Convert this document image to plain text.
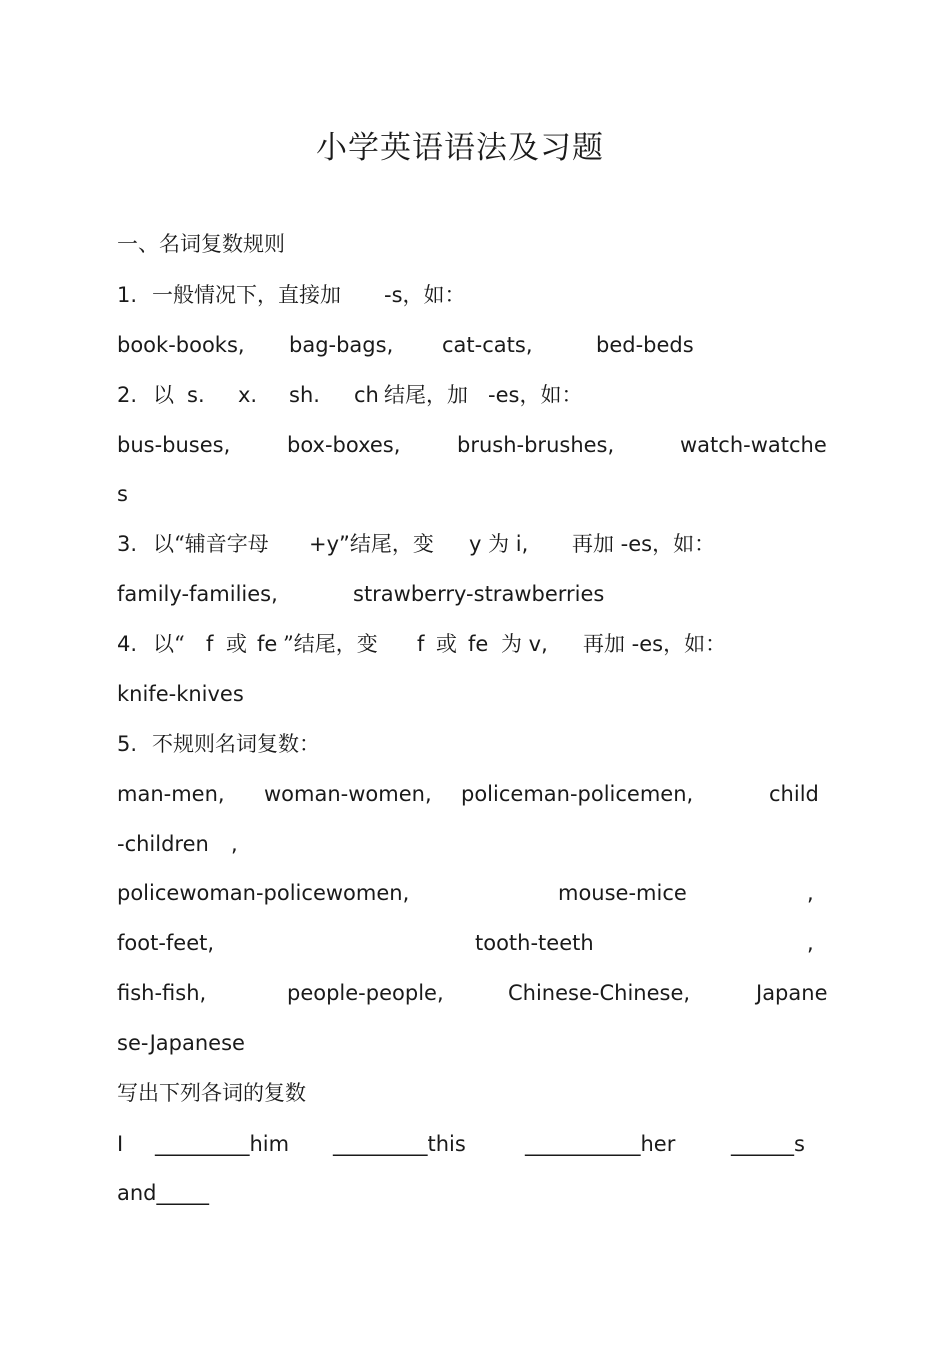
小学英语语法及习题
一、名词复数规则
1. 一般情况下，直接加 -s，如：
book-books, bag-bags, cat-cats,	bed-beds
2. 以 s. x. sh. ch 结尾，加 -es，如：
bus-buses,	box-boxes,	brush-brushes,	watch-watche
s
3. 以“辅音字母 +y”结尾，变 y 为 i, 再加 -es，如：
family-families,	strawberry-strawberries
4. 以“ f 或 fe ”结尾，变 f 或 fe 为 v, 再加 -es，如：
knife-knives
5. 不规则名词复数：
man-men, woman-women, policeman-policemen,	child
-children ,
policewoman-policewomen,	mouse-mice	,
foot-feet,	tooth-teeth	,
fish-fish,	people-people,	Chinese-Chinese,	Japane
se-Japanese
写出下列各词的复数
I _________him _________this	___________her	______s
and_____
